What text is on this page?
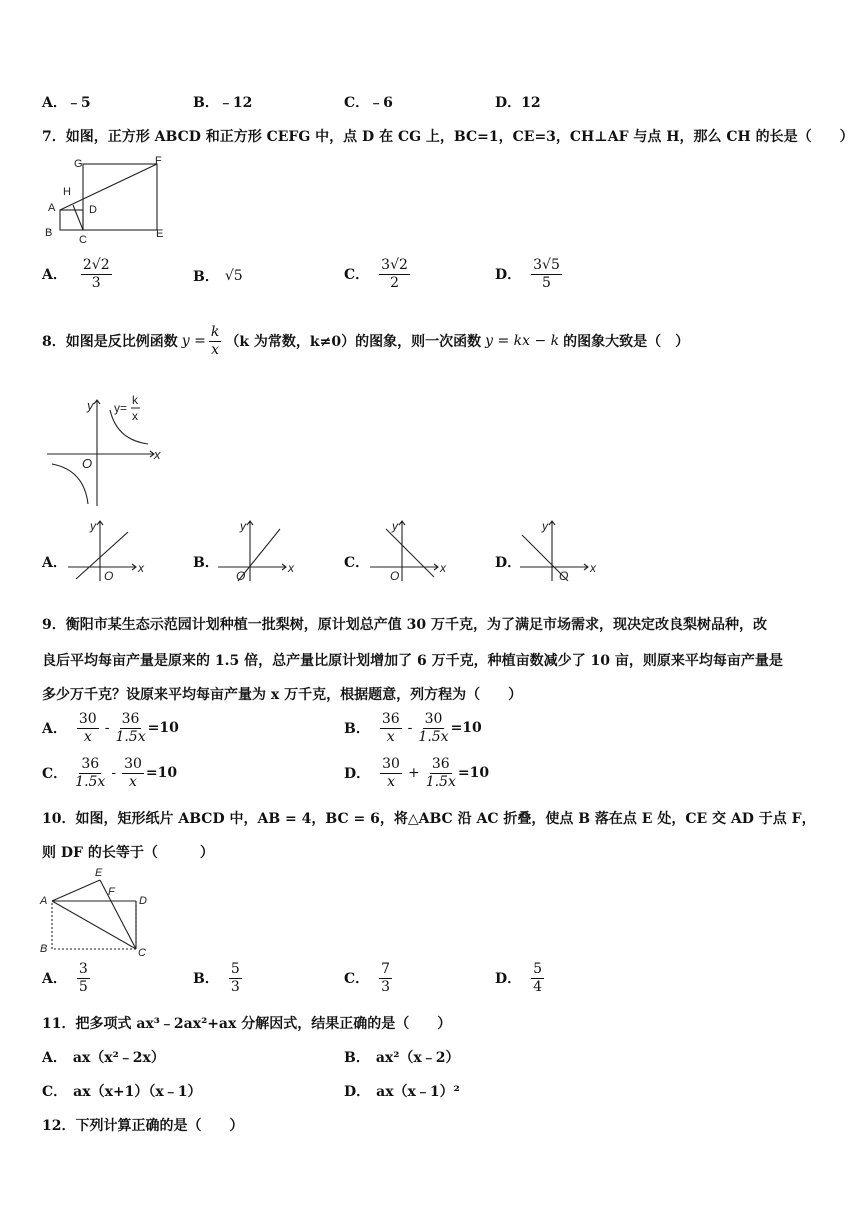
A．﹣5	B．﹣12	C．﹣6	D．12
7．如图，正方形 ABCD 和正方形 CEFG 中，点 D 在 CG 上，BC=1，CE=3，CH⊥AF 与点 H，那么 CH 的长是（　　）
G	F
H
A	D
B
C	E
A． $\frac{2√2}{3}$	B． √5	C． $\frac{3√2}{2}$	D． $\frac{3√5}{5}$
8．如图是反比例函数 $y = \frac{k}{x} (k$ 为常数，k≠0）的图象，则一次函数 y = kx − k 的图象大致是（　）
y
x
O
y=
k
x
A．
y
x
O
B．
y
x
O
C．
y
x
O
D．
y
x
O
9．衡阳市某生态示范园计划种植一批梨树，原计划总产值 30 万千克，为了满足市场需求，现决定改良梨树品种，改
良后平均每亩产量是原来的 1.5 倍，总产量比原计划增加了 6 万千克，种植亩数减少了 10 亩，则原来平均每亩产量是
多少万千克？设原来平均每亩产量为 x 万千克，根据题意，列方程为（　　）
A． $\frac{30}{x} - \frac{36}{1.5x} =10$	B． $\frac{36}{x} - \frac{30}{1.5x} =10$
C． $\frac{36}{1.5x} - \frac{30}{x} =10$	D． $\frac{30}{x} + \frac{36}{1.5x} =10$
10．如图，矩形纸片 ABCD 中，AB = 4，BC = 6，将△ABC 沿 AC 折叠，使点 B 落在点 E 处，CE 交 AD 于点 F，
则 DF 的长等于（　　　）
A
B	C
D
E
F
A． $\frac{3}{5}$	B． $\frac{5}{3}$	C． $\frac{7}{3}$	D． $\frac{5}{4}$
11．把多项式 ax³﹣2ax²+ax 分解因式，结果正确的是（　　）
A． ax（x²﹣2x）	B． ax²（x﹣2）
C． ax（x+1）（x﹣1）	D． ax（x﹣1）²
12．下列计算正确的是（　　）
